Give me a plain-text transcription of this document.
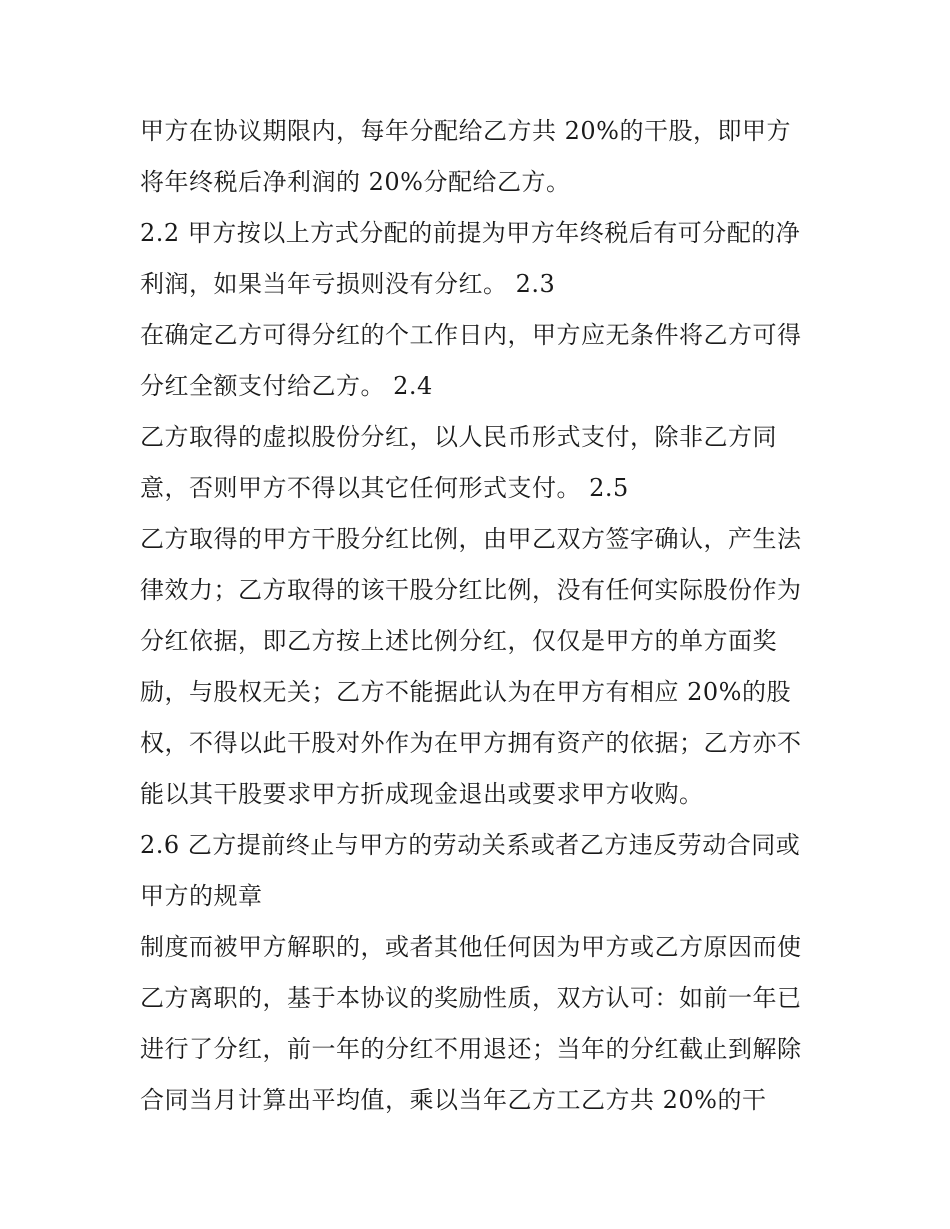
甲方在协议期限内，每年分配给乙方共 20%的干股，即甲方
将年终税后净利润的 20%分配给乙方。
2.2 甲方按以上方式分配的前提为甲方年终税后有可分配的净
利润，如果当年亏损则没有分红。 2.3
在确定乙方可得分红的个工作日内，甲方应无条件将乙方可得
分红全额支付给乙方。 2.4
乙方取得的虚拟股份分红，以人民币形式支付，除非乙方同
意，否则甲方不得以其它任何形式支付。 2.5
乙方取得的甲方干股分红比例，由甲乙双方签字确认，产生法
律效力；乙方取得的该干股分红比例，没有任何实际股份作为
分红依据，即乙方按上述比例分红，仅仅是甲方的单方面奖
励，与股权无关；乙方不能据此认为在甲方有相应 20%的股
权，不得以此干股对外作为在甲方拥有资产的依据；乙方亦不
能以其干股要求甲方折成现金退出或要求甲方收购。
2.6 乙方提前终止与甲方的劳动关系或者乙方违反劳动合同或
甲方的规章
制度而被甲方解职的，或者其他任何因为甲方或乙方原因而使
乙方离职的，基于本协议的奖励性质，双方认可：如前一年已
进行了分红，前一年的分红不用退还；当年的分红截止到解除
合同当月计算出平均值，乘以当年乙方工乙方共 20%的干
